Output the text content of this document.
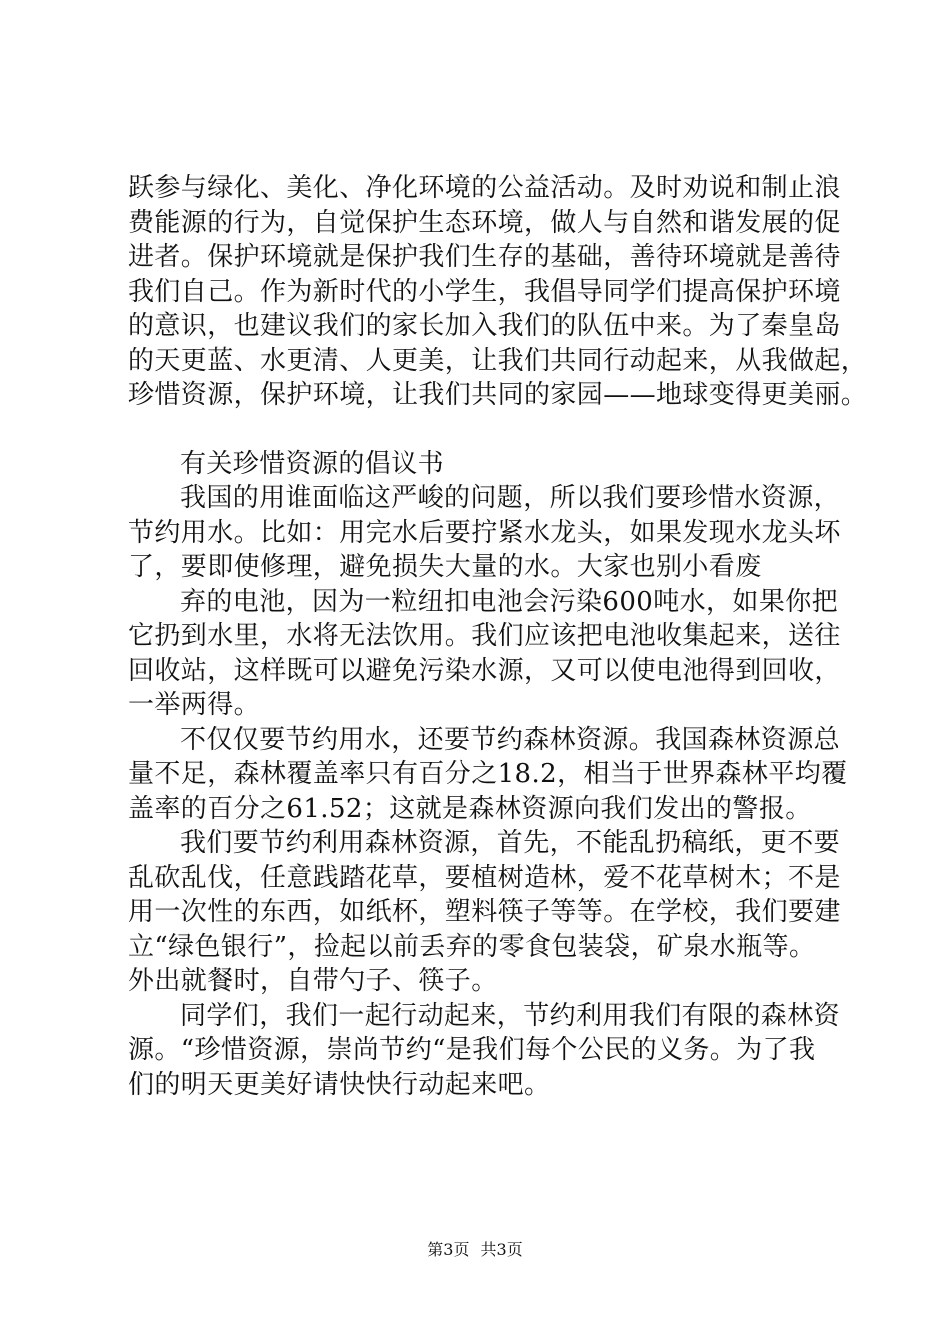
跃参与绿化、美化、净化环境的公益活动。及时劝说和制止浪
费能源的行为，自觉保护生态环境，做人与自然和谐发展的促
进者。保护环境就是保护我们生存的基础，善待环境就是善待
我们自己。作为新时代的小学生，我倡导同学们提高保护环境
的意识，也建议我们的家长加入我们的队伍中来。为了秦皇岛
的天更蓝、水更清、人更美，让我们共同行动起来，从我做起，
珍惜资源，保护环境，让我们共同的家园——地球变得更美丽。
有关珍惜资源的倡议书
我国的用谁面临这严峻的问题，所以我们要珍惜水资源，
节约用水。比如：用完水后要拧紧水龙头，如果发现水龙头坏
了，要即使修理，避免损失大量的水。大家也别小看废
弃的电池，因为一粒纽扣电池会污染600吨水，如果你把
它扔到水里，水将无法饮用。我们应该把电池收集起来，送往
回收站，这样既可以避免污染水源，又可以使电池得到回收，
一举两得。
不仅仅要节约用水，还要节约森林资源。我国森林资源总
量不足，森林覆盖率只有百分之18.2，相当于世界森林平均覆
盖率的百分之61.52；这就是森林资源向我们发出的警报。
我们要节约利用森林资源，首先，不能乱扔稿纸，更不要
乱砍乱伐，任意践踏花草，要植树造林，爱不花草树木；不是
用一次性的东西，如纸杯，塑料筷子等等。在学校，我们要建
立“绿色银行”，捡起以前丢弃的零食包装袋，矿泉水瓶等。
外出就餐时，自带勺子、筷子。
同学们，我们一起行动起来，节约利用我们有限的森林资
源。“珍惜资源，崇尚节约“是我们每个公民的义务。为了我
们的明天更美好请快快行动起来吧。
第3页 共3页
